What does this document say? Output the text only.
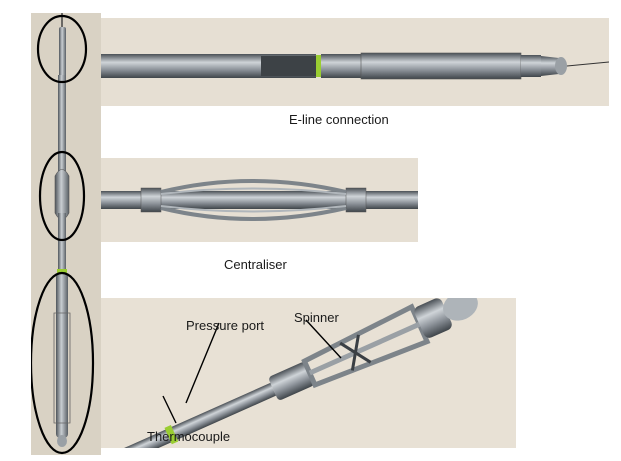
E-line connection
Centraliser
Pressure port
Spinner
Thermocouple
